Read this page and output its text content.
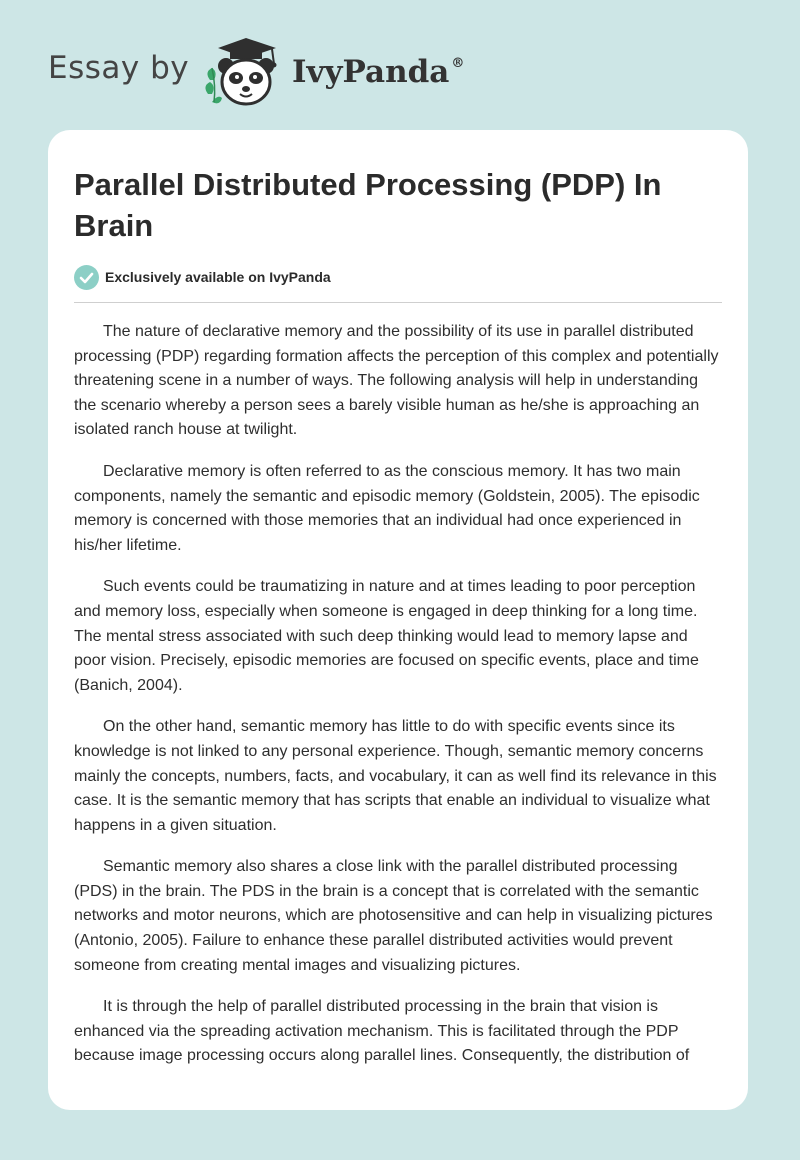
Essay by	IvyPanda ®
Parallel Distributed Processing (PDP) In Brain
Exclusively available on IvyPanda

The nature of declarative memory and the possibility of its use in parallel distributed processing (PDP) regarding formation affects the perception of this complex and potentially threatening scene in a number of ways. The following analysis will help in understanding the scenario whereby a person sees a barely visible human as he/she is approaching an isolated ranch house at twilight.

Declarative memory is often referred to as the conscious memory. It has two main components, namely the semantic and episodic memory (Goldstein, 2005). The episodic memory is concerned with those memories that an individual had once experienced in his/her lifetime.

Such events could be traumatizing in nature and at times leading to poor perception and memory loss, especially when someone is engaged in deep thinking for a long time. The mental stress associated with such deep thinking would lead to memory lapse and poor vision. Precisely, episodic memories are focused on specific events, place and time (Banich, 2004).

On the other hand, semantic memory has little to do with specific events since its knowledge is not linked to any personal experience. Though, semantic memory concerns mainly the concepts, numbers, facts, and vocabulary, it can as well find its relevance in this case. It is the semantic memory that has scripts that enable an individual to visualize what happens in a given situation.

Semantic memory also shares a close link with the parallel distributed processing (PDS) in the brain. The PDS in the brain is a concept that is correlated with the semantic networks and motor neurons, which are photosensitive and can help in visualizing pictures (Antonio, 2005). Failure to enhance these parallel distributed activities would prevent someone from creating mental images and visualizing pictures.

It is through the help of parallel distributed processing in the brain that vision is enhanced via the spreading activation mechanism. This is facilitated through the PDP because image processing occurs along parallel lines. Consequently, the distribution of
